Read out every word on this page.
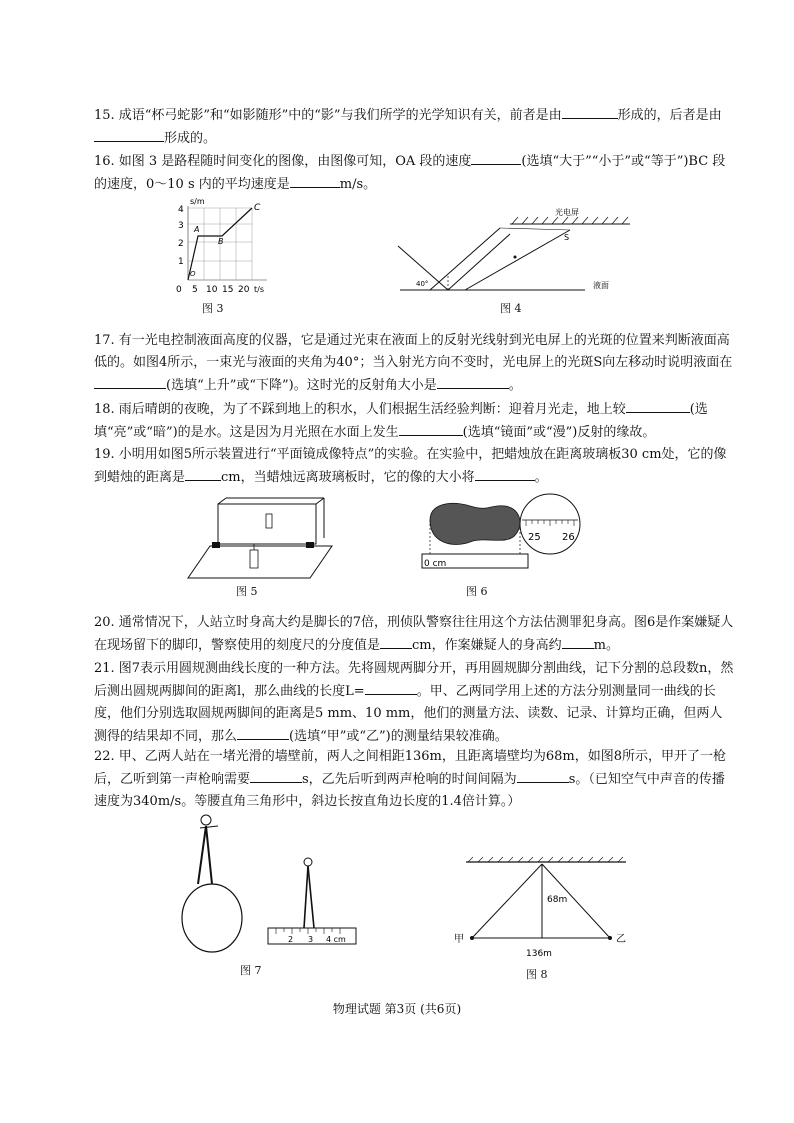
15. 成语“杯弓蛇影”和“如影随形”中的“影”与我们所学的光学知识有关，前者是由	形成的，后者是由形成的。

16. 如图 3 是路程随时间变化的图像，由图像可知，OA 段的速度	(选填“大于”“小于”或“等于”)BC 段的速度，0～10 s 内的平均速度是	m/s。

s/m
t/s
4
3
2
1
0 5 10 15 20
A
B
C
O
图 3
光电屏
液面
S
40°
图 4

17. 有一光电控制液面高度的仪器，它是通过光束在液面上的反射光线射到光电屏上的光斑的位置来判断液面高低的。如图4所示，一束光与液面的夹角为40°；当入射光方向不变时，光电屏上的光斑S向左移动时说明液面在(选填“上升”或“下降”)。这时光的反射角大小是	。

18. 雨后晴朗的夜晚，为了不踩到地上的积水，人们根据生活经验判断：迎着月光走，地上较	(选填“亮”或“暗”)的是水。这是因为月光照在水面上发生	(选填“镜面”或“漫”)反射的缘故。

19. 小明用如图5所示装置进行“平面镜成像特点”的实验。在实验中，把蜡烛放在距离玻璃板30 cm处，它的像到蜡烛的距离是	cm，当蜡烛远离玻璃板时，它的像的大小将	。

图 5
25 26
0 cm
图 6

20. 通常情况下，人站立时身高大约是脚长的7倍，刑侦队警察往往用这个方法估测罪犯身高。图6是作案嫌疑人在现场留下的脚印，警察使用的刻度尺的分度值是 cm，作案嫌疑人的身高约 m。

21. 图7表示用圆规测曲线长度的一种方法。先将圆规两脚分开，再用圆规脚分割曲线，记下分割的总段数n，然后测出圆规两脚间的距离l，那么曲线的长度L=	。甲、乙两同学用上述的方法分别测量同一曲线的长度，他们分别选取圆规两脚间的距离是5 mm、10 mm，他们的测量方法、读数、记录、计算均正确，但两人测得的结果却不同，那么	(选填“甲”或“乙”)的测量结果较准确。

22. 甲、乙两人站在一堵光滑的墙壁前，两人之间相距136m，且距离墙壁均为68m，如图8所示，甲开了一枪后，乙听到第一声枪响需要	s，乙先后听到两声枪响的时间间隔为	s。（已知空气中声音的传播速度为340m/s。等腰直角三角形中，斜边长按直角边长度的1.4倍计算。）

2 3 4 cm
图 7
68m
136m
甲	乙
图 8
物理试题 第3页 (共6页)
